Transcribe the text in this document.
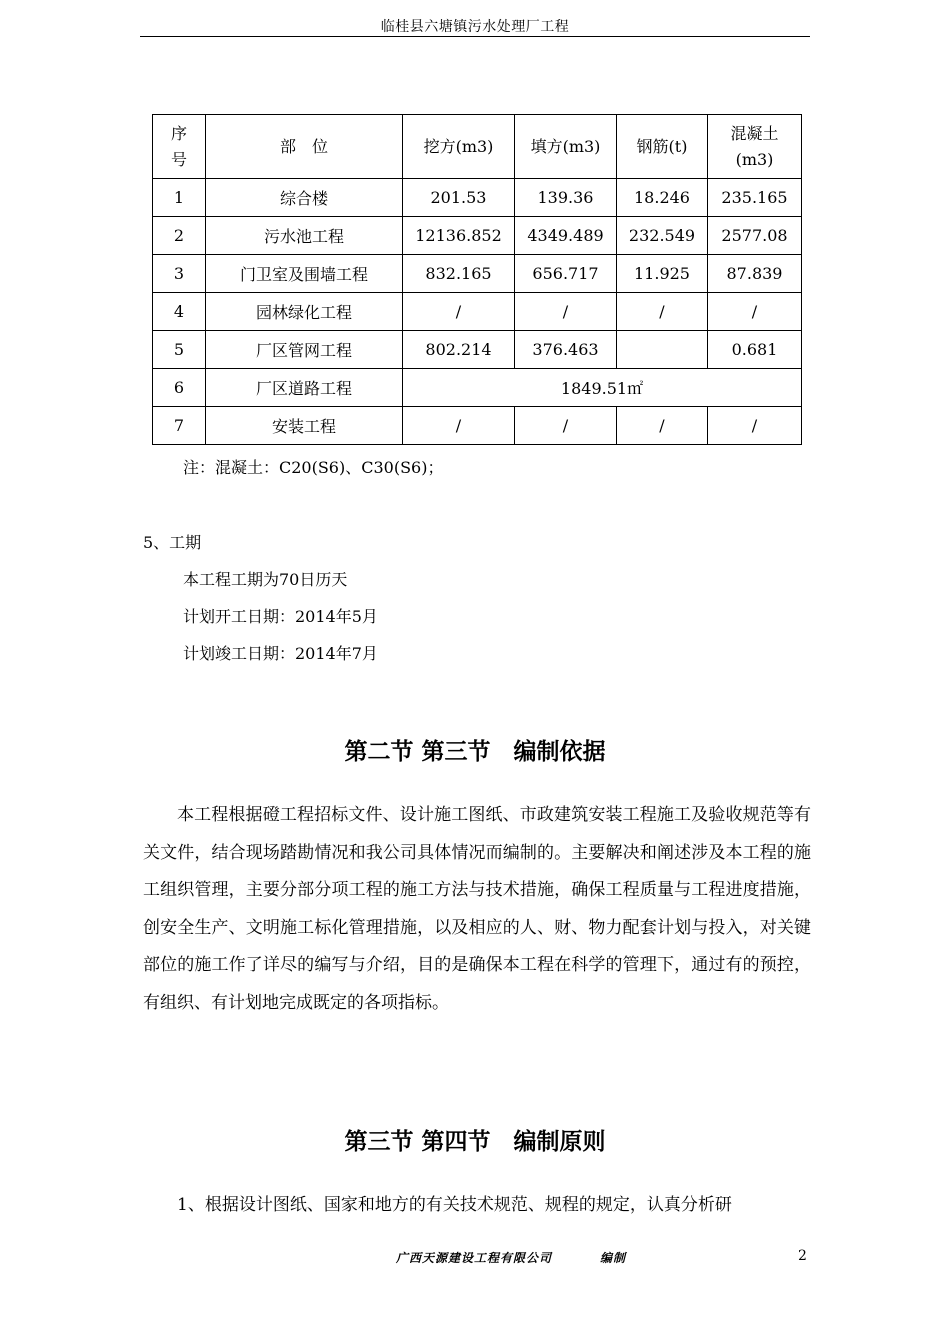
临桂县六塘镇污水处理厂工程
序
号	部　位	挖方(m3)	填方(m3)	钢筋(t)	混凝土
(m3)
1	综合楼	201.53	139.36	18.246	235.165
2	污水池工程	12136.852	4349.489	232.549	2577.08
3	门卫室及围墙工程	832.165	656.717	11.925	87.839
4	园林绿化工程	/	/	/	/
5	厂区管网工程	802.214	376.463		0.681
6	厂区道路工程	1849.51㎡			
7	安装工程	/	/	/	/
注：混凝土：C20(S6)、C30(S6)；
5、工期
本工程工期为70日历天
计划开工日期：2014年5月
计划竣工日期：2014年7月
第二节 第三节　编制依据
本工程根据磴工程招标文件、设计施工图纸、市政建筑安装工程施工及验收规范等有关文件，结合现场踏勘情况和我公司具体情况而编制的。主要解决和阐述涉及本工程的施工组织管理，主要分部分项工程的施工方法与技术措施，确保工程质量与工程进度措施，创安全生产、文明施工标化管理措施，以及相应的人、财、物力配套计划与投入，对关键部位的施工作了详尽的编写与介绍，目的是确保本工程在科学的管理下，通过有的预控，有组织、有计划地完成既定的各项指标。
第三节 第四节　编制原则
1、根据设计图纸、国家和地方的有关技术规范、规程的规定，认真分析研
广西天源建设工程有限公司	编制	2
